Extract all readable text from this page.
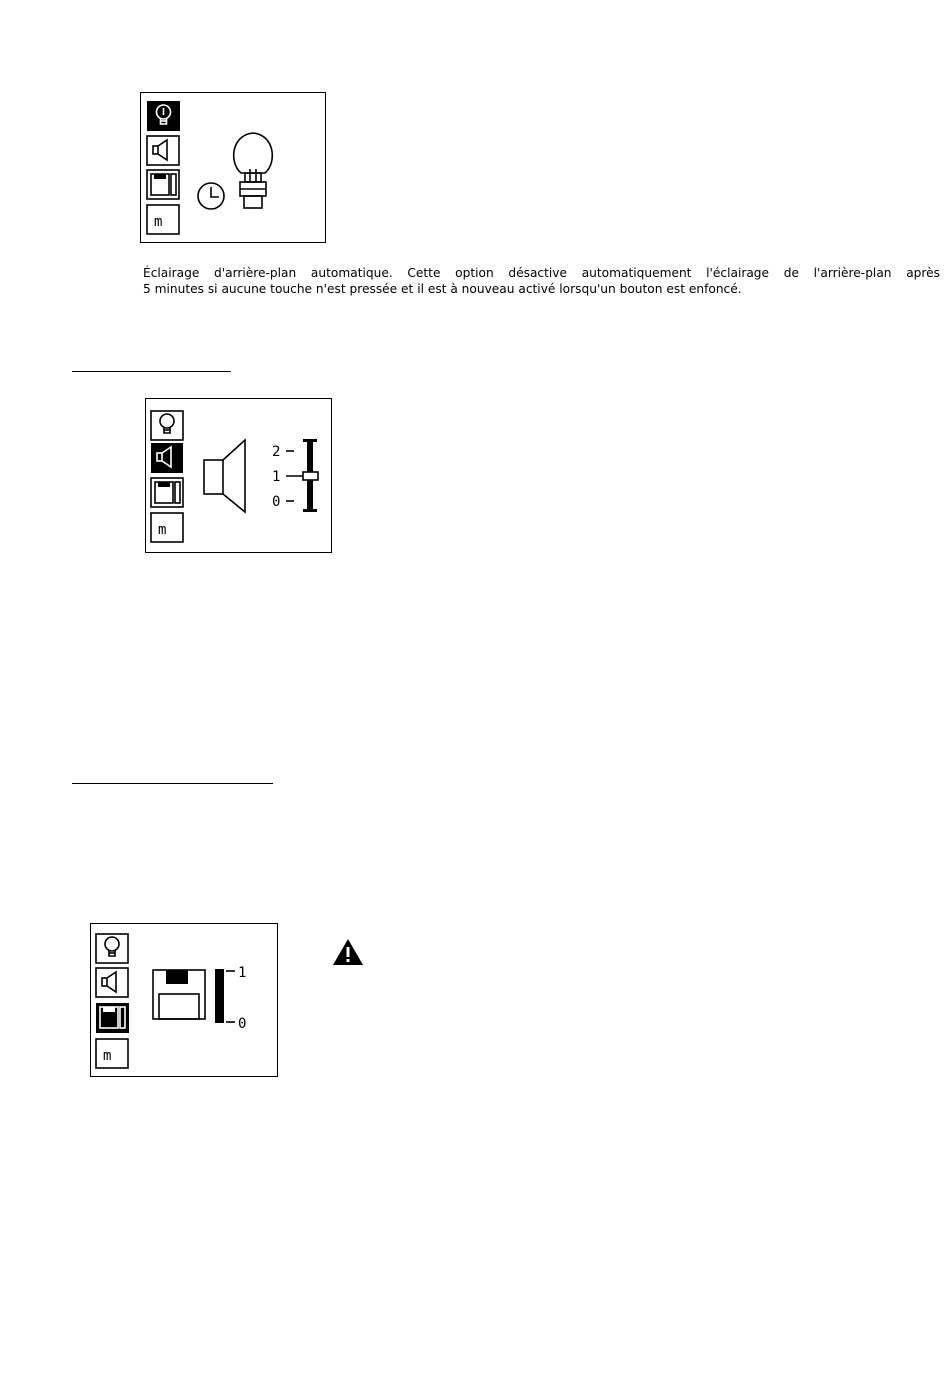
m
Éclairage d'arrière-plan automatique. Cette option désactive automatiquement l'éclairage de l'arrière-plan après
5 minutes si aucune touche n'est pressée et il est à nouveau activé lorsqu'un bouton est enfoncé.
m
2
1
0
m
1
0
